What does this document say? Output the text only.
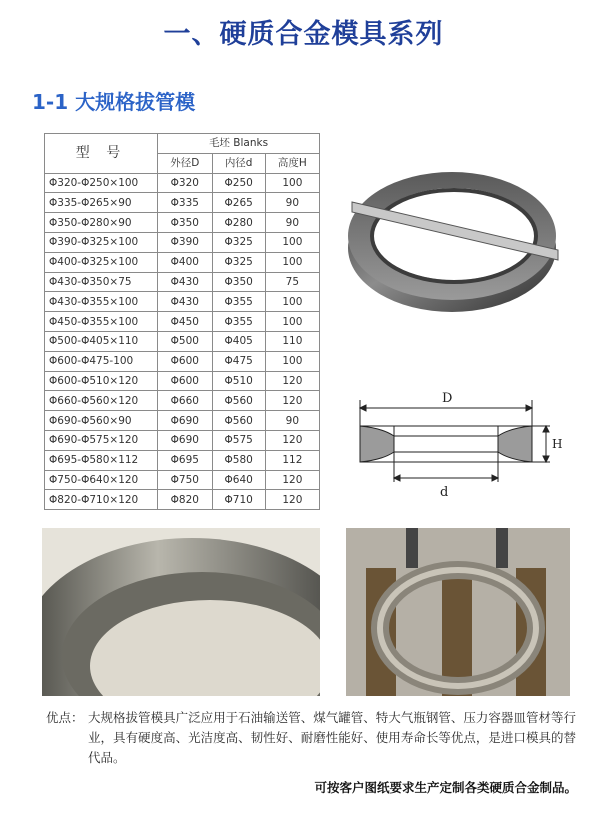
一、硬质合金模具系列
1-1 大规格拔管模
型 号	毛坯 Blanks		
	外径D	内径d	高度H
Φ320-Φ250×100	Φ320	Φ250	100
Φ335-Φ265×90	Φ335	Φ265	90
Φ350-Φ280×90	Φ350	Φ280	90
Φ390-Φ325×100	Φ390	Φ325	100
Φ400-Φ325×100	Φ400	Φ325	100
Φ430-Φ350×75	Φ430	Φ350	75
Φ430-Φ355×100	Φ430	Φ355	100
Φ450-Φ355×100	Φ450	Φ355	100
Φ500-Φ405×110	Φ500	Φ405	110
Φ600-Φ475-100	Φ600	Φ475	100
Φ600-Φ510×120	Φ600	Φ510	120
Φ660-Φ560×120	Φ660	Φ560	120
Φ690-Φ560×90	Φ690	Φ560	90
Φ690-Φ575×120	Φ690	Φ575	120
Φ695-Φ580×112	Φ695	Φ580	112
Φ750-Φ640×120	Φ750	Φ640	120
Φ820-Φ710×120	Φ820	Φ710	120
D
d
H
优点： 大规格拔管模具广泛应用于石油输送管、煤气罐管、特大气瓶钢管、压力容器皿管材等行业，具有硬度高、光洁度高、韧性好、耐磨性能好、使用寿命长等优点，是进口模具的替代品。
可按客户图纸要求生产定制各类硬质合金制品。
